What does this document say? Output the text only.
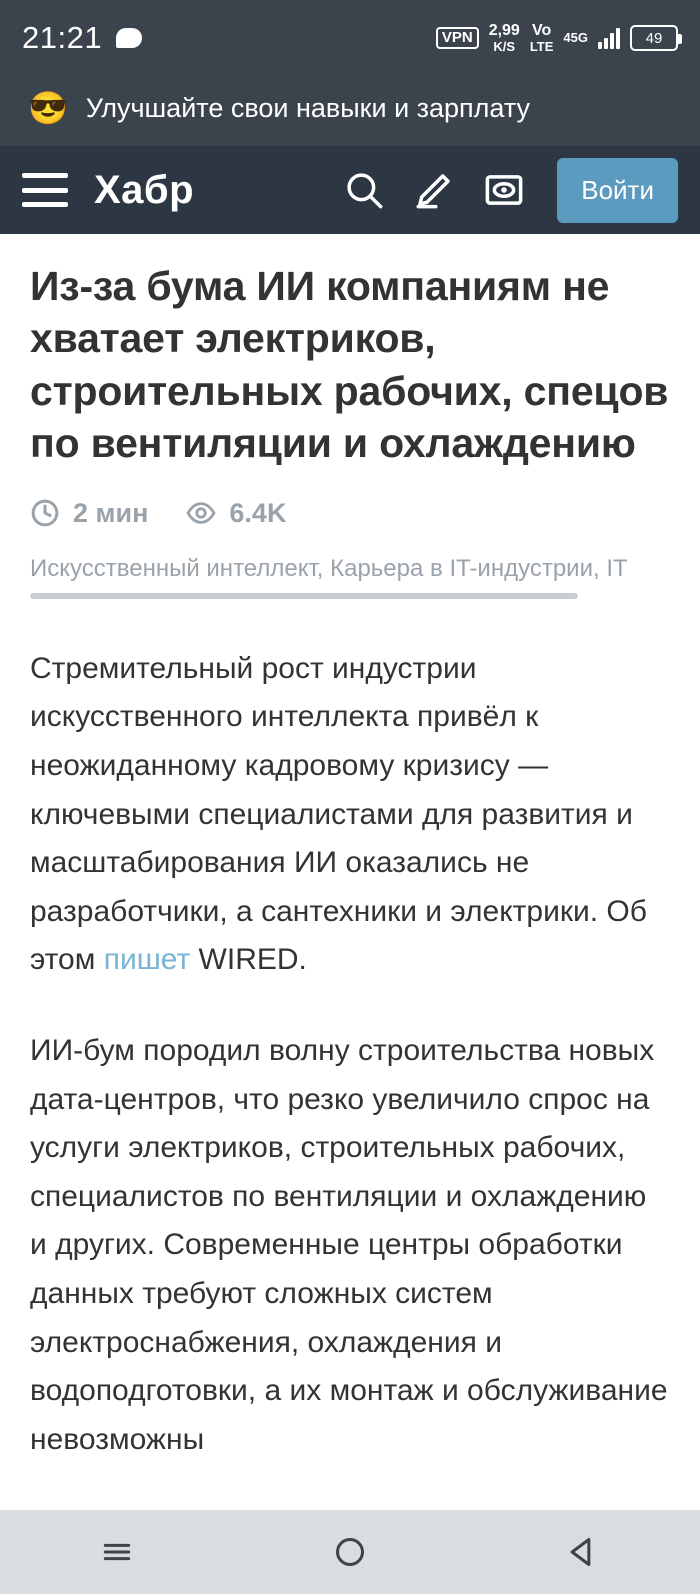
21:21	VPN	2,99
K/S
Vo
LTE
45G	49
😎 Улучшайте свои навыки и зарплату
Хабр	Войти
Из-за бума ИИ компаниям не хватает электриков, строительных рабочих, спецов по вентиляции и охлаждению
2 мин	6.4K
Искусственный интеллект, Карьера в IT-индустрии, IT

Стремительный рост индустрии искусственного интеллекта привёл к неожиданному кадровому кризису — ключевыми специалистами для развития и масштабирования ИИ оказались не разработчики, а сантехники и электрики. Об этом пишет WIRED.

ИИ-бум породил волну строительства новых дата-центров, что резко увеличило спрос на услуги электриков, строительных рабочих, специалистов по вентиляции и охлаждению и других. Современные центры обработки данных требуют сложных систем электроснабжения, охлаждения и водоподготовки, а их монтаж и обслуживание невозможны
